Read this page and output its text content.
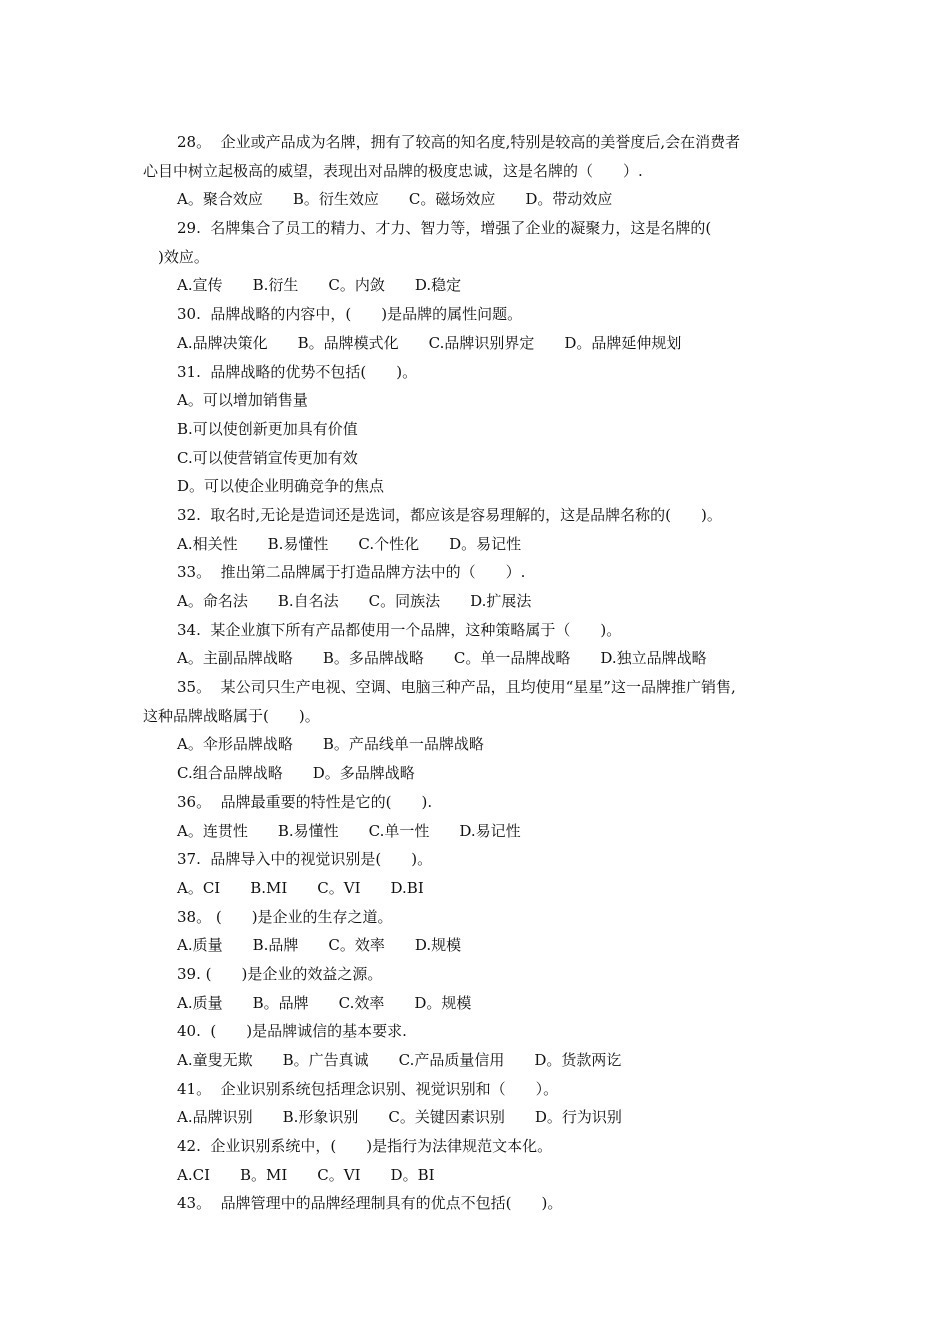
28。  企业或产品成为名牌，拥有了较高的知名度,特别是较高的美誉度后,会在消费者
心目中树立起极高的威望，表现出对品牌的极度忠诚，这是名牌的（　　）.
A。聚合效应　　B。衍生效应　　C。磁场效应　　D。带动效应
29.  名牌集合了员工的精力、才力、智力等，增强了企业的凝聚力，这是名牌的(
　)效应。
A.宣传　　B.衍生　　C。内敛　　D.稳定
30.  品牌战略的内容中，(　　)是品牌的属性问题。
A.品牌决策化　　B。品牌模式化　　C.品牌识别界定　　D。品牌延伸规划
31.  品牌战略的优势不包括(　　)。
A。可以增加销售量
B.可以使创新更加具有价值
C.可以使营销宣传更加有效
D。可以使企业明确竞争的焦点
32.  取名时,无论是造词还是选词，都应该是容易理解的，这是品牌名称的(　　)。
A.相关性　　B.易懂性　　C.个性化　　D。易记性
33。  推出第二品牌属于打造品牌方法中的（　　）.
A。命名法　　B.自名法　　C。同族法　　D.扩展法
34.  某企业旗下所有产品都使用一个品牌，这种策略属于（　　)。
A。主副品牌战略　　B。多品牌战略　　C。单一品牌战略　　D.独立品牌战略
35。  某公司只生产电视、空调、电脑三种产品，且均使用“星星”这一品牌推广销售,
这种品牌战略属于(　　)。
A。伞形品牌战略　　B。产品线单一品牌战略
C.组合品牌战略　　D。多品牌战略
36。  品牌最重要的特性是它的(　　).
A。连贯性　　B.易懂性　　C.单一性　　D.易记性
37.  品牌导入中的视觉识别是(　　)。
A。CI　　B.MI　　C。VI　　D.BI
38。 (　　)是企业的生存之道。
A.质量　　B.品牌　　C。效率　　D.规模
39. (　　)是企业的效益之源。
A.质量　　B。品牌　　C.效率　　D。规模
40.  (　　)是品牌诚信的基本要求.
A.童叟无欺　　B。广告真诚　　C.产品质量信用　　D。货款两讫
41。  企业识别系统包括理念识别、视觉识别和（　　）。
A.品牌识别　　B.形象识别　　C。关键因素识别　　D。行为识别
42.  企业识别系统中，(　　)是指行为法律规范文本化。
A.CI　　B。MI　　C。VI　　D。BI
43。  品牌管理中的品牌经理制具有的优点不包括(　　)。
